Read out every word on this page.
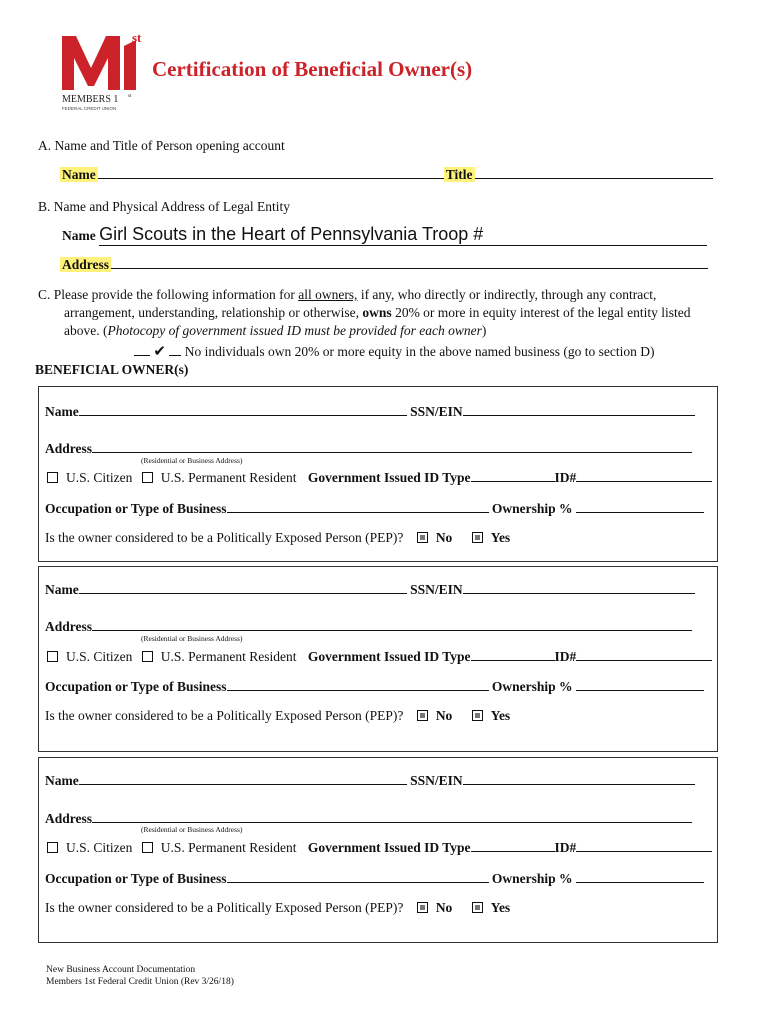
st
MEMBERS 1 st
FEDERAL CREDIT UNION
Certification of Beneficial Owner(s)
A. Name and Title of Person opening account
Name	Title
B. Name and Physical Address of Legal Entity
Name Girl Scouts in the Heart of Pennsylvania Troop #
Address
C. Please provide the following information for all owners, if any, who directly or indirectly, through any contract,
arrangement, understanding, relationship or otherwise, owns 20% or more in equity interest of the legal entity listed
above. (Photocopy of government issued ID must be provided for each owner)
✔ No individuals own 20% or more equity in the above named business (go to section D)
BENEFICIAL OWNER(s)
Name	SSN/EIN
Address
(Residential or Business Address)
U.S. Citizen U.S. Permanent Resident Government Issued ID Type	ID#
Occupation or Type of Business	Ownership %
Is the owner considered to be a Politically Exposed Person (PEP)? No	Yes
Name	SSN/EIN
Address
(Residential or Business Address)
U.S. Citizen U.S. Permanent Resident Government Issued ID Type	ID#
Occupation or Type of Business	Ownership %
Is the owner considered to be a Politically Exposed Person (PEP)? No	Yes
Name	SSN/EIN
Address
(Residential or Business Address)
U.S. Citizen U.S. Permanent Resident Government Issued ID Type	ID#
Occupation or Type of Business	Ownership %
Is the owner considered to be a Politically Exposed Person (PEP)? No	Yes
New Business Account Documentation
Members 1st Federal Credit Union (Rev 3/26/18)
